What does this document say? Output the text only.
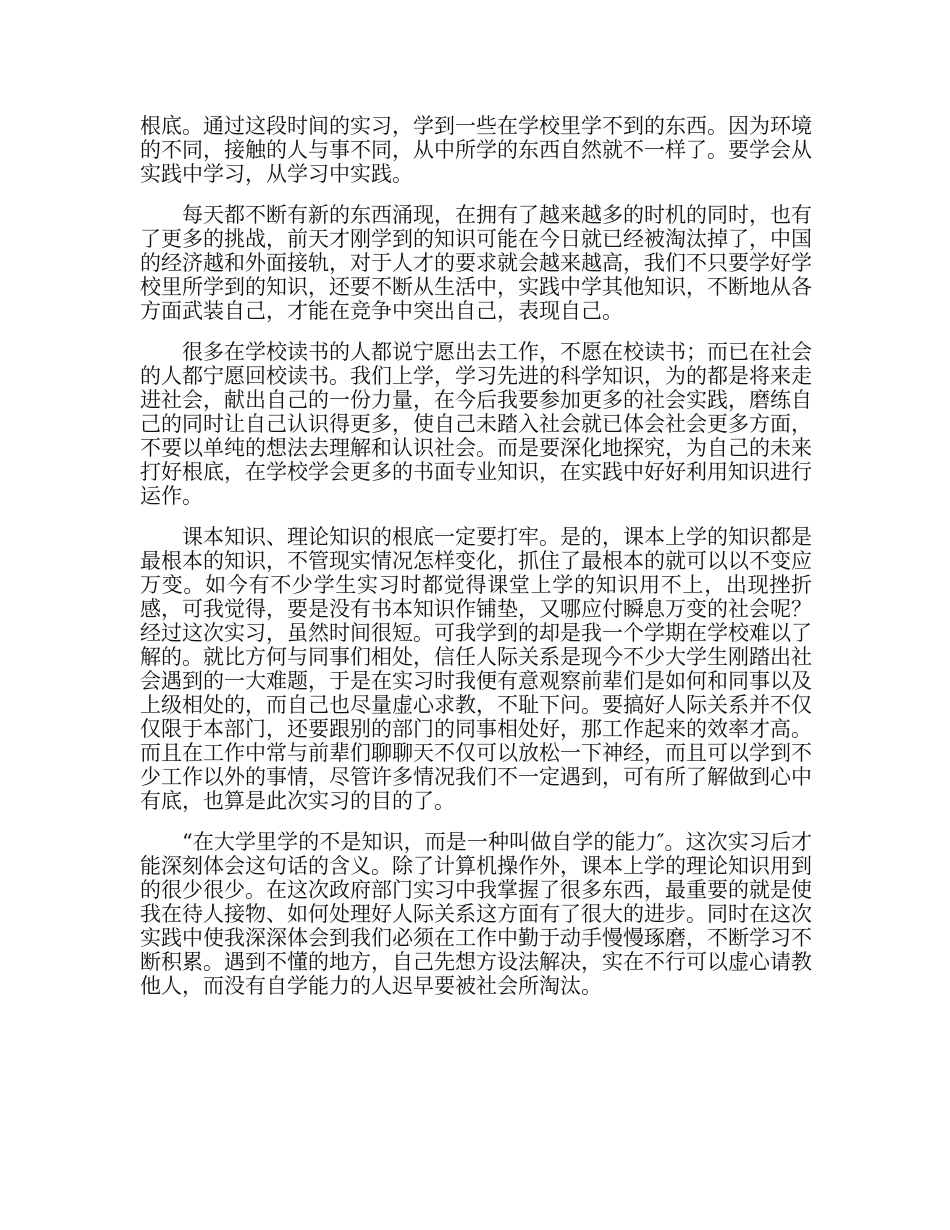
根底。通过这段时间的实习，学到一些在学校里学不到的东西。因为环境的不同，接触的人与事不同，从中所学的东西自然就不一样了。要学会从实践中学习，从学习中实践。

每天都不断有新的东西涌现，在拥有了越来越多的时机的同时，也有了更多的挑战，前天才刚学到的知识可能在今日就已经被淘汰掉了，中国的经济越和外面接轨，对于人才的要求就会越来越高，我们不只要学好学校里所学到的知识，还要不断从生活中，实践中学其他知识，不断地从各方面武装自己，才能在竞争中突出自己，表现自己。

很多在学校读书的人都说宁愿出去工作，不愿在校读书；而已在社会的人都宁愿回校读书。我们上学，学习先进的科学知识，为的都是将来走进社会，献出自己的一份力量，在今后我要参加更多的社会实践，磨练自己的同时让自己认识得更多，使自己未踏入社会就已体会社会更多方面，不要以单纯的想法去理解和认识社会。而是要深化地探究，为自己的未来打好根底，在学校学会更多的书面专业知识，在实践中好好利用知识进行运作。

课本知识、理论知识的根底一定要打牢。是的，课本上学的知识都是最根本的知识，不管现实情况怎样变化，抓住了最根本的就可以以不变应万变。如今有不少学生实习时都觉得课堂上学的知识用不上，出现挫折感，可我觉得，要是没有书本知识作铺垫，又哪应付瞬息万变的社会呢？经过这次实习，虽然时间很短。可我学到的却是我一个学期在学校难以了解的。就比方何与同事们相处，信任人际关系是现今不少大学生刚踏出社会遇到的一大难题，于是在实习时我便有意观察前辈们是如何和同事以及上级相处的，而自己也尽量虚心求教，不耻下问。要搞好人际关系并不仅仅限于本部门，还要跟别的部门的同事相处好，那工作起来的效率才高。而且在工作中常与前辈们聊聊天不仅可以放松一下神经，而且可以学到不少工作以外的事情，尽管许多情况我们不一定遇到，可有所了解做到心中有底，也算是此次实习的目的了。

“在大学里学的不是知识，而是一种叫做自学的能力″。这次实习后才能深刻体会这句话的含义。除了计算机操作外，课本上学的理论知识用到的很少很少。在这次政府部门实习中我掌握了很多东西，最重要的就是使我在待人接物、如何处理好人际关系这方面有了很大的进步。同时在这次实践中使我深深体会到我们必须在工作中勤于动手慢慢琢磨，不断学习不断积累。遇到不懂的地方，自己先想方设法解决，实在不行可以虚心请教他人，而没有自学能力的人迟早要被社会所淘汰。
